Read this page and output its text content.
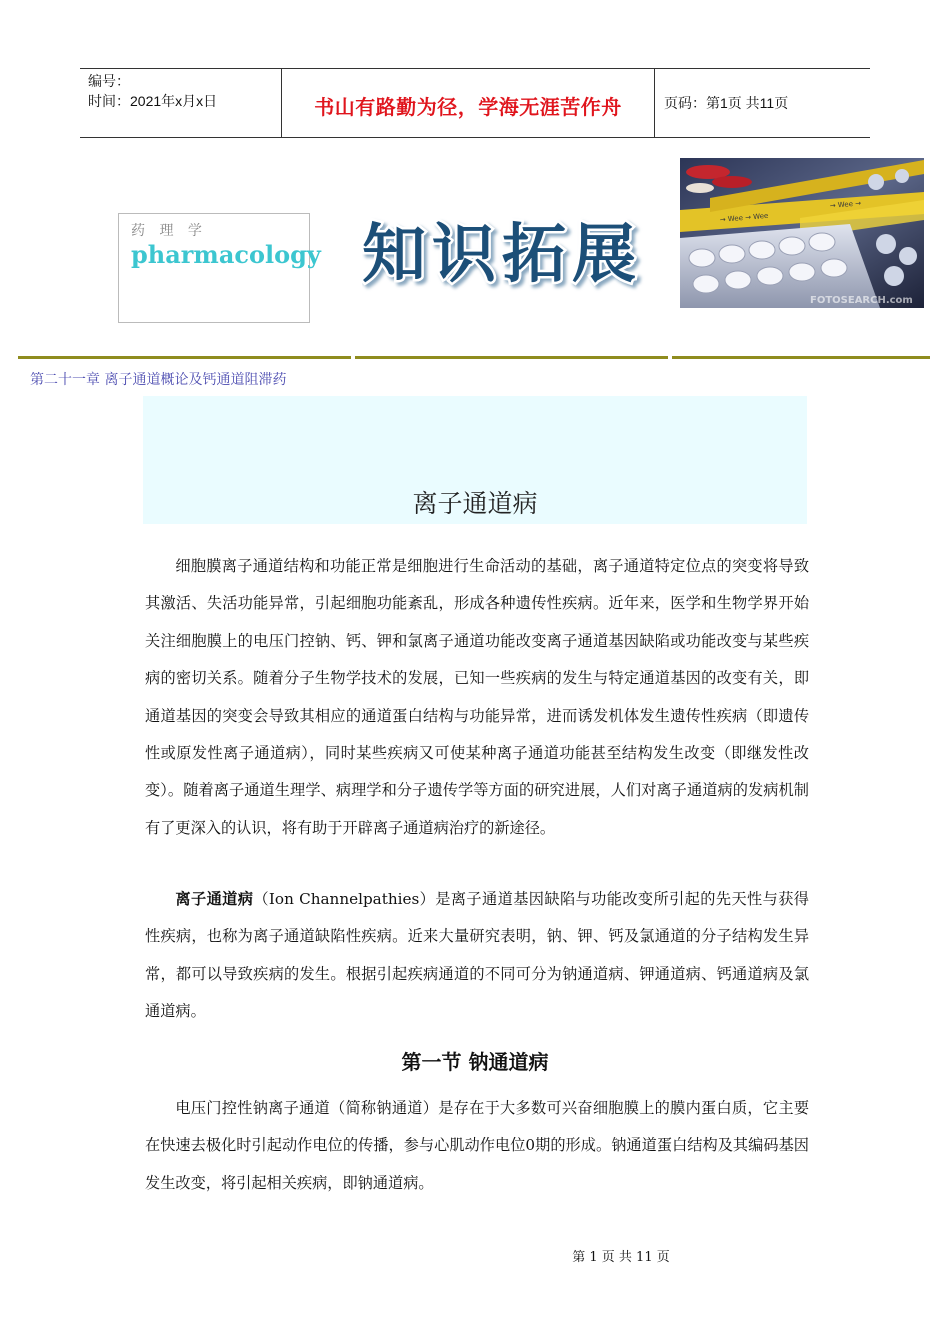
编号：
时间：2021年x月x日	书山有路勤为径，学海无涯苦作舟	页码：第1页 共11页
药 理 学
pharmacology 知识拓展
→ Wee → Wee
→ Wee →
FOTOSEARCH.com
第二十一章 离子通道概论及钙通道阻滞药
离子通道病

细胞膜离子通道结构和功能正常是细胞进行生命活动的基础，离子通道特定位点的突变将导致其激活、失活功能异常，引起细胞功能紊乱，形成各种遗传性疾病。近年来，医学和生物学界开始关注细胞膜上的电压门控钠、钙、钾和氯离子通道功能改变离子通道基因缺陷或功能改变与某些疾病的密切关系。随着分子生物学技术的发展，已知一些疾病的发生与特定通道基因的改变有关，即通道基因的突变会导致其相应的通道蛋白结构与功能异常，进而诱发机体发生遗传性疾病（即遗传性或原发性离子通道病），同时某些疾病又可使某种离子通道功能甚至结构发生改变（即继发性改变）。随着离子通道生理学、病理学和分子遗传学等方面的研究进展，人们对离子通道病的发病机制有了更深入的认识，将有助于开辟离子通道病治疗的新途径。

离子通道病（Ion Channelpathies）是离子通道基因缺陷与功能改变所引起的先天性与获得性疾病，也称为离子通道缺陷性疾病。近来大量研究表明，钠、钾、钙及氯通道的分子结构发生异常，都可以导致疾病的发生。根据引起疾病通道的不同可分为钠通道病、钾通道病、钙通道病及氯通道病。

第一节 钠通道病

电压门控性钠离子通道（简称钠通道）是存在于大多数可兴奋细胞膜上的膜内蛋白质，它主要在快速去极化时引起动作电位的传播，参与心肌动作电位0期的形成。钠通道蛋白结构及其编码基因发生改变，将引起相关疾病，即钠通道病。

第 1 页 共 11 页
